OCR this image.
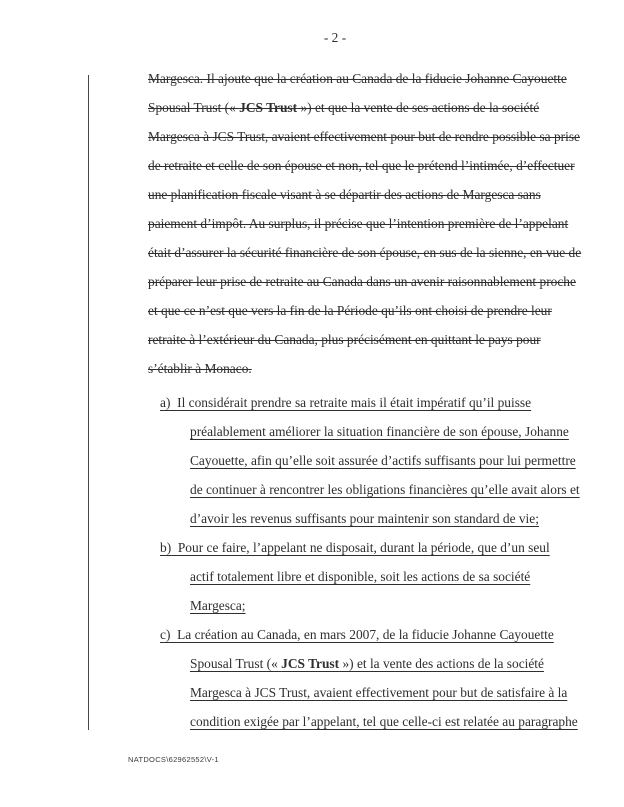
- 2 -
Margesca. Il ajoute que la création au Canada de la fiducie Johanne Cayouette
Spousal Trust (« JCS Trust ») et que la vente de ses actions de la société
Margesca à JCS Trust, avaient effectivement pour but de rendre possible sa prise
de retraite et celle de son épouse et non, tel que le prétend l’intimée, d’effectuer
une planification fiscale visant à se départir des actions de Margesca sans
paiement d’impôt. Au surplus, il précise que l’intention première de l’appelant
était d’assurer la sécurité financière de son épouse, en sus de la sienne, en vue de
préparer leur prise de retraite au Canada dans un avenir raisonnablement proche
et que ce n’est que vers la fin de la Période qu’ils ont choisi de prendre leur
retraite à l’extérieur du Canada, plus précisément en quittant le pays pour
s’établir à Monaco.
a) Il considérait prendre sa retraite mais il était impératif qu’il puisse
préalablement améliorer la situation financière de son épouse, Johanne
Cayouette, afin qu’elle soit assurée d’actifs suffisants pour lui permettre
de continuer à rencontrer les obligations financières qu’elle avait alors et
d’avoir les revenus suffisants pour maintenir son standard de vie;
b) Pour ce faire, l’appelant ne disposait, durant la période, que d’un seul
actif totalement libre et disponible, soit les actions de sa société
Margesca;
c) La création au Canada, en mars 2007, de la fiducie Johanne Cayouette
Spousal Trust (« JCS Trust ») et la vente des actions de la société
Margesca à JCS Trust, avaient effectivement pour but de satisfaire à la
condition exigée par l’appelant, tel que celle-ci est relatée au paragraphe
NATDOCS\62962552\V-1
